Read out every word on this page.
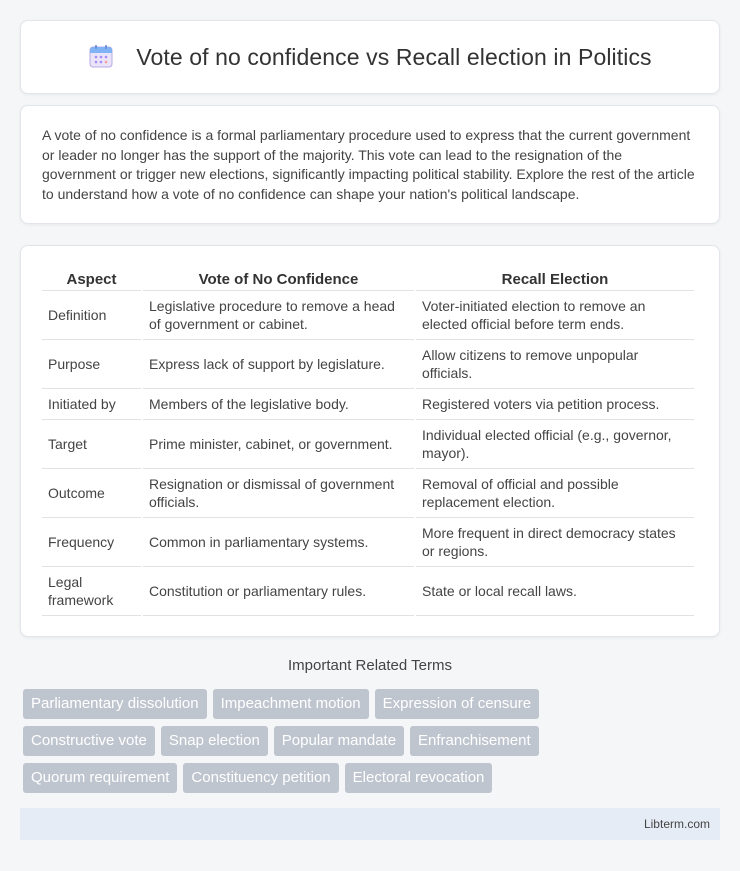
Vote of no confidence vs Recall election in Politics

A vote of no confidence is a formal parliamentary procedure used to express that the current government or leader no longer has the support of the majority. This vote can lead to the resignation of the government or trigger new elections, significantly impacting political stability. Explore the rest of the article to understand how a vote of no confidence can shape your nation's political landscape.

Aspect	Vote of No Confidence	Recall Election
Definition	Legislative procedure to remove a head of government or cabinet.	Voter-initiated election to remove an elected official before term ends.
Purpose	Express lack of support by legislature.	Allow citizens to remove unpopular officials.
Initiated by	Members of the legislative body.	Registered voters via petition process.
Target	Prime minister, cabinet, or government.	Individual elected official (e.g., governor, mayor).
Outcome	Resignation or dismissal of government officials.	Removal of official and possible replacement election.
Frequency	Common in parliamentary systems.	More frequent in direct democracy states or regions.
Legal framework	Constitution or parliamentary rules.	State or local recall laws.
Important Related Terms
Parliamentary dissolution	Impeachment motion	Expression of censure
Constructive vote	Snap election	Popular mandate	Enfranchisement
Quorum requirement	Constituency petition	Electoral revocation
Libterm.com
